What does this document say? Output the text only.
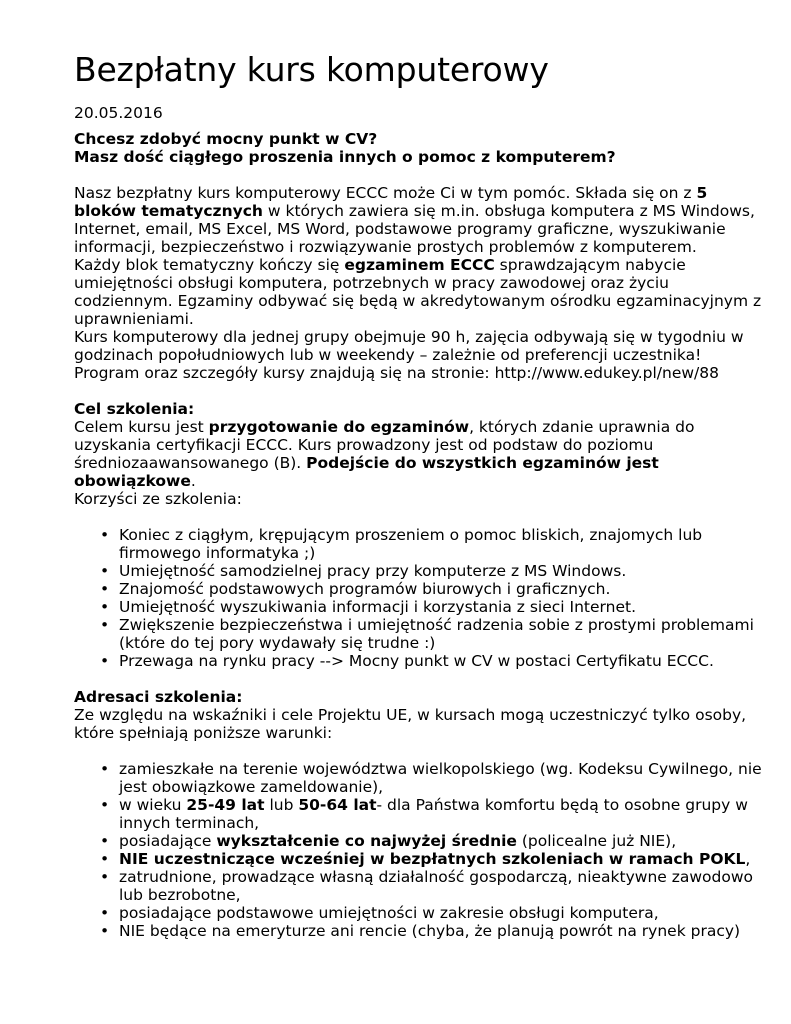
Bezpłatny kurs komputerowy
20.05.2016
Chcesz zdobyć mocny punkt w CV?
Masz dość ciągłego proszenia innych o pomoc z komputerem?
Nasz bezpłatny kurs komputerowy ECCC może Ci w tym pomóc. Składa się on z 5 bloków tematycznych w których zawiera się m.in. obsługa komputera z MS Windows, Internet, email, MS Excel, MS Word, podstawowe programy graficzne, wyszukiwanie informacji, bezpieczeństwo i rozwiązywanie prostych problemów z komputerem.
Każdy blok tematyczny kończy się egzaminem ECCC sprawdzającym nabycie umiejętności obsługi komputera, potrzebnych w pracy zawodowej oraz życiu codziennym. Egzaminy odbywać się będą w akredytowanym ośrodku egzaminacyjnym z uprawnieniami.
Kurs komputerowy dla jednej grupy obejmuje 90 h, zajęcia odbywają się w tygodniu w godzinach popołudniowych lub w weekendy – zależnie od preferencji uczestnika!
Program oraz szczegóły kursy znajdują się na stronie: http://www.edukey.pl/new/88
Cel szkolenia:
Celem kursu jest przygotowanie do egzaminów, których zdanie uprawnia do uzyskania certyfikacji ECCC. Kurs prowadzony jest od podstaw do poziomu średniozaawansowanego (B). Podejście do wszystkich egzaminów jest obowiązkowe.
Korzyści ze szkolenia:
• Koniec z ciągłym, krępującym proszeniem o pomoc bliskich, znajomych lub firmowego informatyka ;)
• Umiejętność samodzielnej pracy przy komputerze z MS Windows.
• Znajomość podstawowych programów biurowych i graficznych.
• Umiejętność wyszukiwania informacji i korzystania z sieci Internet.
• Zwiększenie bezpieczeństwa i umiejętność radzenia sobie z prostymi problemami (które do tej pory wydawały się trudne :)
• Przewaga na rynku pracy --> Mocny punkt w CV w postaci Certyfikatu ECCC.
Adresaci szkolenia:
Ze względu na wskaźniki i cele Projektu UE, w kursach mogą uczestniczyć tylko osoby, które spełniają poniższe warunki:
• zamieszkałe na terenie województwa wielkopolskiego (wg. Kodeksu Cywilnego, nie jest obowiązkowe zameldowanie),
• w wieku 25-49 lat lub 50-64 lat- dla Państwa komfortu będą to osobne grupy w innych terminach,
• posiadające wykształcenie co najwyżej średnie (policealne już NIE),
• NIE uczestniczące wcześniej w bezpłatnych szkoleniach w ramach POKL,
• zatrudnione, prowadzące własną działalność gospodarczą, nieaktywne zawodowo lub bezrobotne,
• posiadające podstawowe umiejętności w zakresie obsługi komputera,
• NIE będące na emeryturze ani rencie (chyba, że planują powrót na rynek pracy)
